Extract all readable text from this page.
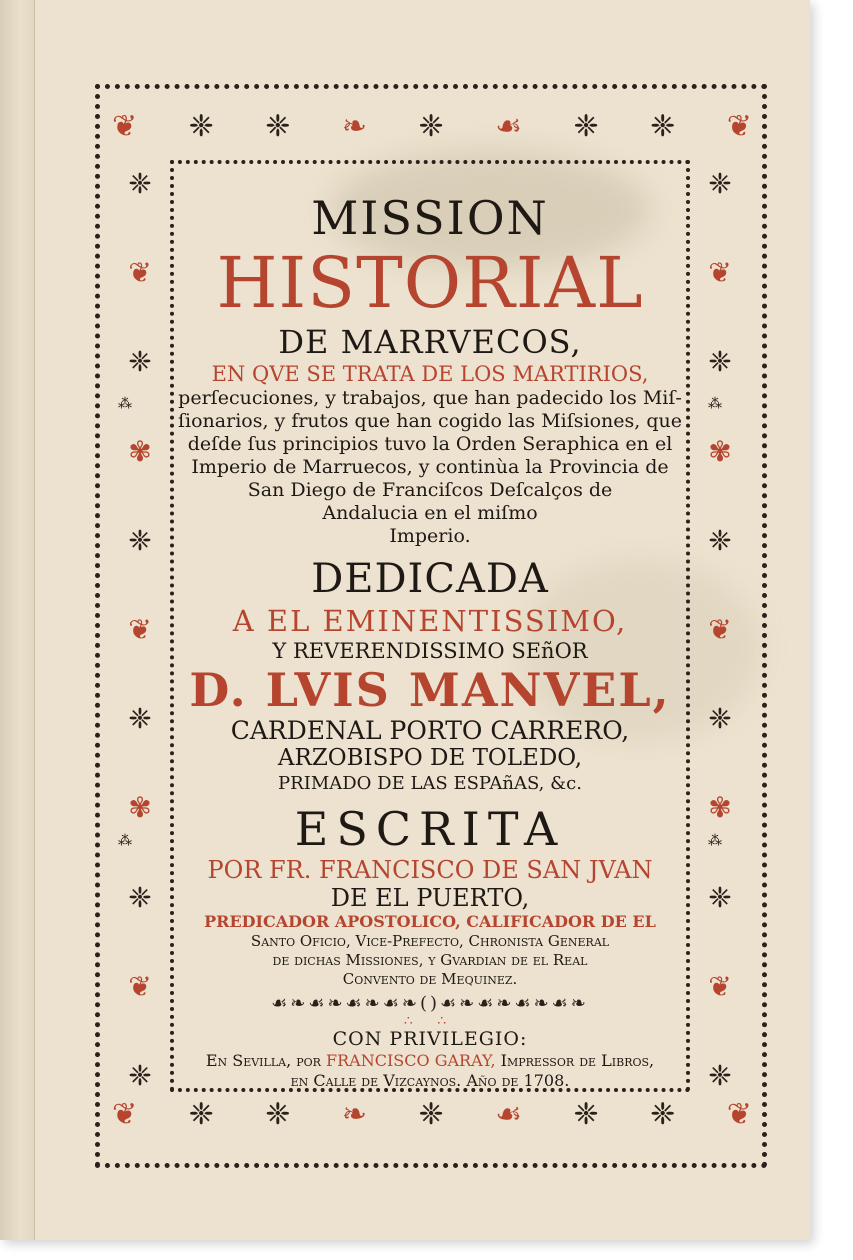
❦ ❈ ❈ ❧ ❈ ☙ ❈ ❈ ❦
❦ ❈ ❈ ❧ ❈ ☙ ❈ ❈ ❦
❈
❦
❈
✾
❈
❦
❈
✾
❈
❦
❈
❈
❦
❈
✾
❈
❦
❈
✾
❈
❦
❈
⁂	⁂
⁂	⁂
MISSION
HISTORIAL
DE MARRVECOS,
EN QVE SE TRATA DE LOS MARTIRIOS,
perſecuciones, y trabajos, que han padecido los Miſ-
ſionarios, y frutos que han cogido las Miſsiones, que
deſde ſus principios tuvo la Orden Seraphica en el
Imperio de Marruecos, y continùa la Provincia de
San Diego de Franciſcos Deſcalços de
Andalucia en el miſmo
Imperio.
DEDICADA
A EL EMINENTISSIMO,
Y REVERENDISSIMO SEñOR
D. LVIS MANVEL,
CARDENAL PORTO CARRERO,
ARZOBISPO DE TOLEDO,
PRIMADO DE LAS ESPAñAS, &c.
ESCRITA
POR FR. FRANCISCO DE SAN JVAN
DE EL PUERTO,
PREDICADOR APOSTOLICO, CALIFICADOR DE EL
Santo Oficio, Vice-Prefecto, Chronista General
de dichas Missiones, y Gvardian de el Real
Convento de Mequinez.
☙❧☙❧☙❧☙❧()☙❧☙❧☙❧☙❧
∴ ∴
CON PRIVILEGIO:
En Sevilla, por FRANCISCO GARAY, Impressor de Libros,
en Calle de Vizcaynos. Año de 1708.
